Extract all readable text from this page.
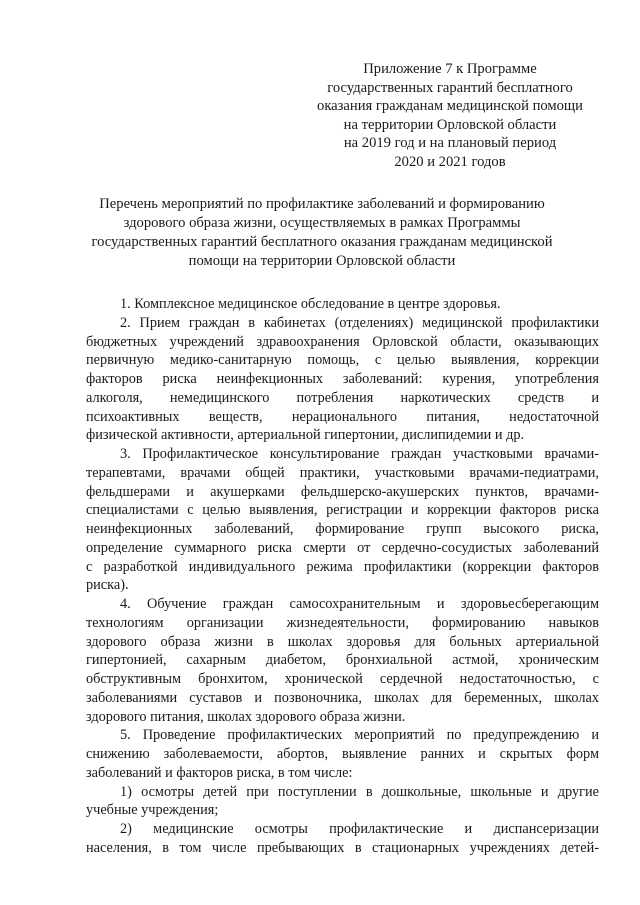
Приложение 7 к Программе
государственных гарантий бесплатного
оказания гражданам медицинской помощи
на территории Орловской области
на 2019 год и на плановый период
2020 и 2021 годов
Перечень мероприятий по профилактике заболеваний и формированию
здорового образа жизни, осуществляемых в рамках Программы
государственных гарантий бесплатного оказания гражданам медицинской
помощи на территории Орловской области
1. Комплексное медицинское обследование в центре здоровья.
2. Прием граждан в кабинетах (отделениях) медицинской профилактики
бюджетных учреждений здравоохранения Орловской области, оказывающих
первичную медико-санитарную помощь, с целью выявления, коррекции
факторов риска неинфекционных заболеваний: курения, употребления
алкоголя, немедицинского потребления наркотических средств и
психоактивных веществ, нерационального питания, недостаточной
физической активности, артериальной гипертонии, дислипидемии и др.
3. Профилактическое консультирование граждан участковыми врачами-
терапевтами, врачами общей практики, участковыми врачами-педиатрами,
фельдшерами и акушерками фельдшерско-акушерских пунктов, врачами-
специалистами с целью выявления, регистрации и коррекции факторов риска
неинфекционных заболеваний, формирование групп высокого риска,
определение суммарного риска смерти от сердечно-сосудистых заболеваний
с разработкой индивидуального режима профилактики (коррекции факторов
риска).
4. Обучение граждан самосохранительным и здоровьесберегающим
технологиям организации жизнедеятельности, формированию навыков
здорового образа жизни в школах здоровья для больных артериальной
гипертонией, сахарным диабетом, бронхиальной астмой, хроническим
обструктивным бронхитом, хронической сердечной недостаточностью, с
заболеваниями суставов и позвоночника, школах для беременных, школах
здорового питания, школах здорового образа жизни.
5. Проведение профилактических мероприятий по предупреждению и
снижению заболеваемости, абортов, выявление ранних и скрытых форм
заболеваний и факторов риска, в том числе:
1) осмотры детей при поступлении в дошкольные, школьные и другие
учебные учреждения;
2) медицинские осмотры профилактические и диспансеризации
населения, в том числе пребывающих в стационарных учреждениях детей-
